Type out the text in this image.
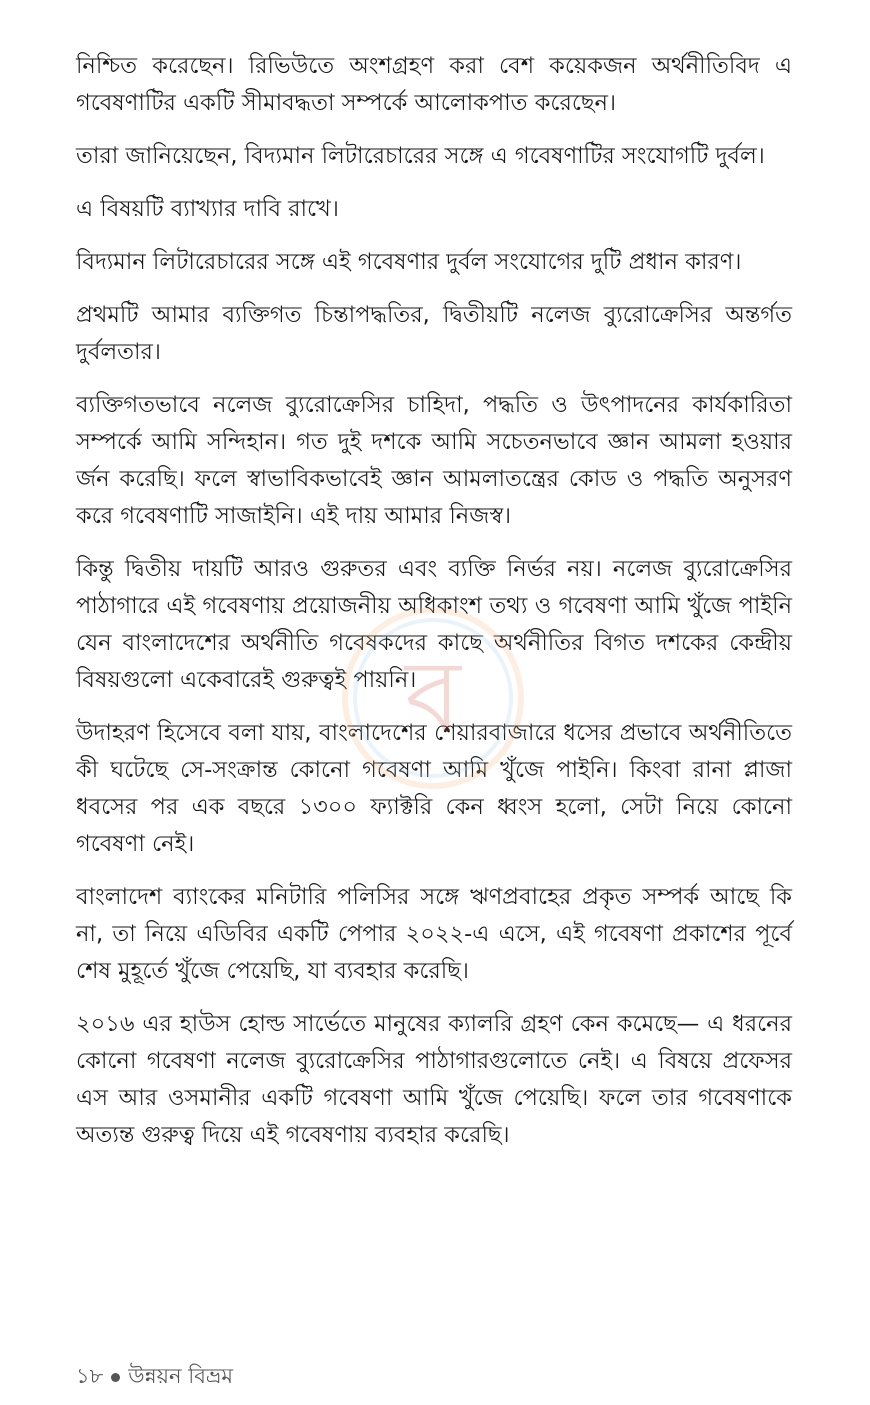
নিশ্চিত করেছেন। রিভিউতে অংশগ্রহণ করা বেশ কয়েকজন অর্থনীতিবিদ এ গবেষণাটির একটি সীমাবদ্ধতা সম্পর্কে আলোকপাত করেছেন।

তারা জানিয়েছেন, বিদ্যমান লিটারেচারের সঙ্গে এ গবেষণাটির সংযোগটি দুর্বল।

এ বিষয়টি ব্যাখ্যার দাবি রাখে।

বিদ্যমান লিটারেচারের সঙ্গে এই গবেষণার দুর্বল সংযোগের দুটি প্রধান কারণ।

প্রথমটি আমার ব্যক্তিগত চিন্তাপদ্ধতির, দ্বিতীয়টি নলেজ ব্যুরোক্রেসির অন্তর্গত দুর্বলতার।

ব্যক্তিগতভাবে নলেজ ব্যুরোক্রেসির চাহিদা, পদ্ধতি ও উৎপাদনের কার্যকারিতা সম্পর্কে আমি সন্দিহান। গত দুই দশকে আমি সচেতনভাবে জ্ঞান আমলা হওয়ার র্জন করেছি। ফলে স্বাভাবিকভাবেই জ্ঞান আমলাতন্ত্রের কোড ও পদ্ধতি অনুসরণ করে গবেষণাটি সাজাইনি। এই দায় আমার নিজস্ব।

কিন্তু দ্বিতীয় দায়টি আরও গুরুতর এবং ব্যক্তি নির্ভর নয়। নলেজ ব্যুরোক্রেসির পাঠাগারে এই গবেষণায় প্রয়োজনীয় অধিকাংশ তথ্য ও গবেষণা আমি খুঁজে পাইনি যেন বাংলাদেশের অর্থনীতি গবেষকদের কাছে অর্থনীতির বিগত দশকের কেন্দ্রীয় বিষয়গুলো একেবারেই গুরুত্বই পায়নি।

উদাহরণ হিসেবে বলা যায়, বাংলাদেশের শেয়ারবাজারে ধসের প্রভাবে অর্থনীতিতে কী ঘটেছে সে-সংক্রান্ত কোনো গবেষণা আমি খুঁজে পাইনি। কিংবা রানা প্লাজা ধবসের পর এক বছরে ১৩০০ ফ্যাক্টরি কেন ধ্বংস হলো, সেটা নিয়ে কোনো গবেষণা নেই।

বাংলাদেশ ব্যাংকের মনিটারি পলিসির সঙ্গে ঋণপ্রবাহের প্রকৃত সম্পর্ক আছে কি না, তা নিয়ে এডিবির একটি পেপার ২০২২-এ এসে, এই গবেষণা প্রকাশের পূর্বে শেষ মুহূর্তে খুঁজে পেয়েছি, যা ব্যবহার করেছি।

২০১৬ এর হাউস হোল্ড সার্ভেতে মানুষের ক্যালরি গ্রহণ কেন কমেছে— এ ধরনের কোনো গবেষণা নলেজ ব্যুরোক্রেসির পাঠাগারগুলোতে নেই। এ বিষয়ে প্রফেসর এস আর ওসমানীর একটি গবেষণা আমি খুঁজে পেয়েছি। ফলে তার গবেষণাকে অত্যন্ত গুরুত্ব দিয়ে এই গবেষণায় ব্যবহার করেছি।

ব
১৮ উন্নয়ন বিভ্রম
